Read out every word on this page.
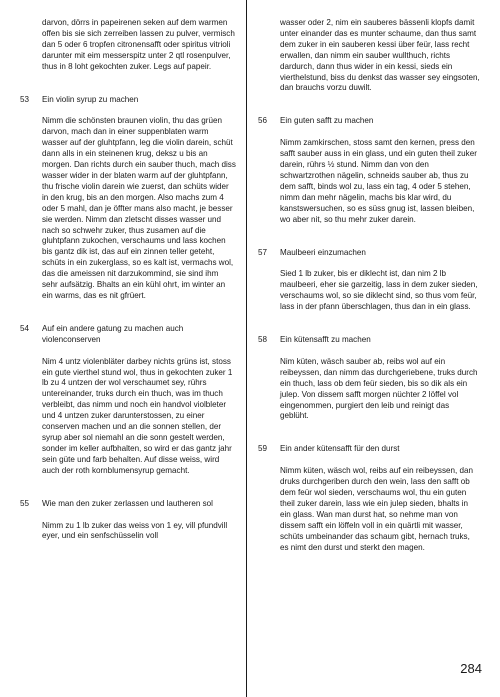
darvon, dörrs in papeirenen seken auf dem warmen offen bis sie sich zerreiben lassen zu pulver, vermisch dan 5 oder 6 tropfen citronensafft oder spiritus vitrioli darunter mit eim messerspitz unter 2 qtl rosenpulver, thus in 8 loht gekochten zuker. Legs auf papeir.
53	Ein violin syrup zu machen
Nimm die schönsten braunen violin, thu das grüen darvon, mach dan in einer suppenblaten warm wasser auf der gluhtpfann, leg die violin darein, schüt dann alls in ein steinenen krug, deksz u bis an morgen. Dan richts durch ein sauber thuch, mach diss wasser wider in der blaten warm auf der gluhtpfann, thu frische violin darein wie zuerst, dan schüts wider in den krug, bis an den morgen. Also machs zum 4 oder 5 mahl, dan je öffter mans also macht, je besser sie werden. Nimm dan zletscht disses wasser und nach so schwehr zuker, thus zusamen auf die gluhtpfann zukochen, verschaums und lass kochen bis gantz dik ist, das auf ein zinnen teller geteht, schüts in ein zukerglass, so es kalt ist, vermachs wol, das die ameissen nit darzukommind, sie sind ihm sehr aufsätzig. Bhalts an ein kühl ohrt, im winter an ein warms, das es nit gfrüert.
54	Auf ein andere gatung zu machen auch violenconserven
Nim 4 untz violenbläter darbey nichts grüns ist, stoss ein gute vierthel stund wol, thus in gekochten zuker 1 lb zu 4 untzen der wol verschaumet sey, rührs untereinander, truks durch ein thuch, was im thuch verbleibt, das nimm und noch ein handvol violbleter und 4 untzen zuker darunterstossen, zu einer conserven machen und an die sonnen stellen, der syrup aber sol niemahl an die sonn gestelt werden, sonder im keller aufbhalten, so wird er das gantz jahr sein güte und farb behalten. Auf disse weiss, wird auch der roth kornblumensyrup gemacht.
55	Wie man den zuker zerlassen und lautheren sol
Nimm zu 1 lb zuker das weiss von 1 ey, vill pfundvill eyer, und ein senfschüsselin voll
wasser oder 2, nim ein sauberes bässenli klopfs damit unter einander das es munter schaume, dan thus samt dem zuker in ein sauberen kessi über feür, lass recht erwallen, dan nimm ein sauber wullthuch, richts dardurch, dann thus wider in ein kessi, sieds ein vierthelstund, biss du denkst das wasser sey eingsoten, dan brauchs vorzu duwilt.
56	Ein guten safft zu machen
Nimm zamkirschen, stoss samt den kernen, press den safft sauber auss in ein glass, und ein guten theil zuker darein, rührs ½ stund. Nimm dan von den schwartzrothen nägelin, schneids sauber ab, thus zu dem safft, binds wol zu, lass ein tag, 4 oder 5 stehen, nimm dan mehr nägelin, machs bis klar wird, du kanstswersuchen, so es süss gnug ist, lassen bleiben, wo aber nit, so thu mehr zuker darein.
57	Maulbeeri einzumachen
Sied 1 lb zuker, bis er diklecht ist, dan nim 2 lb maulbeeri, eher sie garzeitig, lass in dem zuker sieden, verschaums wol, so sie diklecht sind, so thus vom feür, lass in der pfann überschlagen, thus dan in ein glass.
58	Ein kütensafft zu machen
Nim küten, wäsch sauber ab, reibs wol auf ein reibeyssen, dan nimm das durchgeriebene, truks durch ein thuch, lass ob dem feür sieden, bis so dik als ein julep. Von dissem safft morgen nüchter 2 löffel vol eingenommen, purgiert den leib und reinigt das geblüht.
59	Ein ander kütensafft für den durst
Nimm küten, wäsch wol, reibs auf ein reibeyssen, dan druks durchgeriben durch den wein, lass den safft ob dem feür wol sieden, verschaums wol, thu ein guten theil zuker darein, lass wie ein julep sieden, bhalts in ein glass. Wan man durst hat, so nehme man von dissem safft ein löffeln voll in ein quärtli mit wasser, schüts umbeinander das schaum gibt, hernach truks, es nimt den durst und sterkt den magen.
284
